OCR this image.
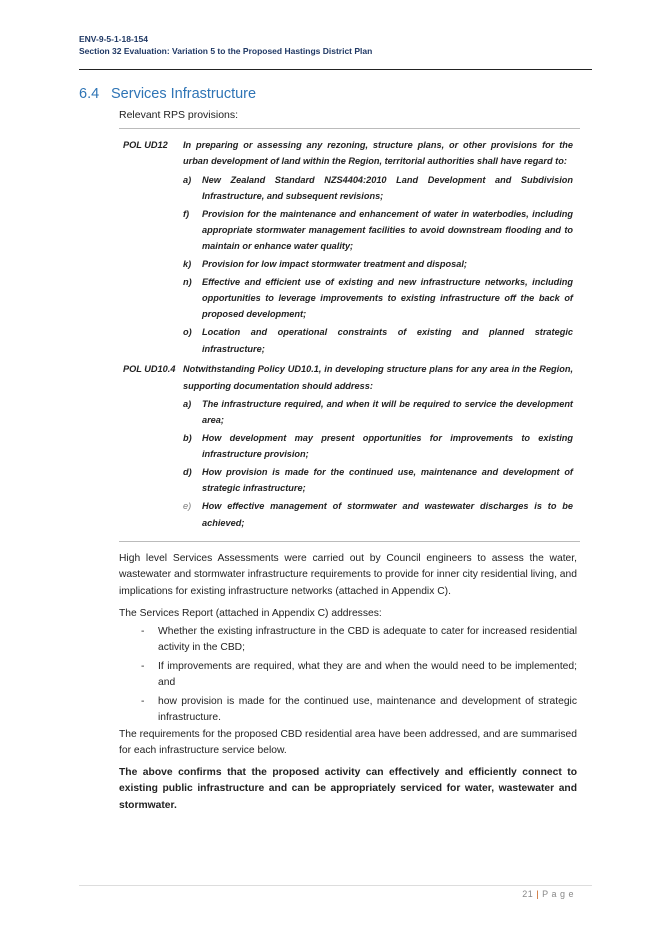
ENV-9-5-1-18-154
Section 32 Evaluation: Variation 5 to the Proposed Hastings District Plan
6.4 Services Infrastructure
Relevant RPS provisions:
POL UD12	In preparing or assessing any rezoning, structure plans, or other provisions for the urban development of land within the Region, territorial authorities shall have regard to:
a)	New Zealand Standard NZS4404:2010 Land Development and Subdivision Infrastructure, and subsequent revisions;
f)	Provision for the maintenance and enhancement of water in waterbodies, including appropriate stormwater management facilities to avoid downstream flooding and to maintain or enhance water quality;
k)	Provision for low impact stormwater treatment and disposal;
n)	Effective and efficient use of existing and new infrastructure networks, including opportunities to leverage improvements to existing infrastructure off the back of proposed development;
o)	Location and operational constraints of existing and planned strategic infrastructure;
POL UD10.4 Notwithstanding Policy UD10.1, in developing structure plans for any area in the Region, supporting documentation should address:
a)	The infrastructure required, and when it will be required to service the development area;
b)	How development may present opportunities for improvements to existing infrastructure provision;
d)	How provision is made for the continued use, maintenance and development of strategic infrastructure;
e)	How effective management of stormwater and wastewater discharges is to be achieved;
High level Services Assessments were carried out by Council engineers to assess the water, wastewater and stormwater infrastructure requirements to provide for inner city residential living, and implications for existing infrastructure networks (attached in Appendix C).
The Services Report (attached in Appendix C) addresses:
-	Whether the existing infrastructure in the CBD is adequate to cater for increased residential activity in the CBD;
-	If improvements are required, what they are and when the would need to be implemented; and
-	how provision is made for the continued use, maintenance and development of strategic infrastructure.
The requirements for the proposed CBD residential area have been addressed, and are summarised for each infrastructure service below.
The above confirms that the proposed activity can effectively and efficiently connect to existing public infrastructure and can be appropriately serviced for water, wastewater and stormwater.
21 | P a g e
